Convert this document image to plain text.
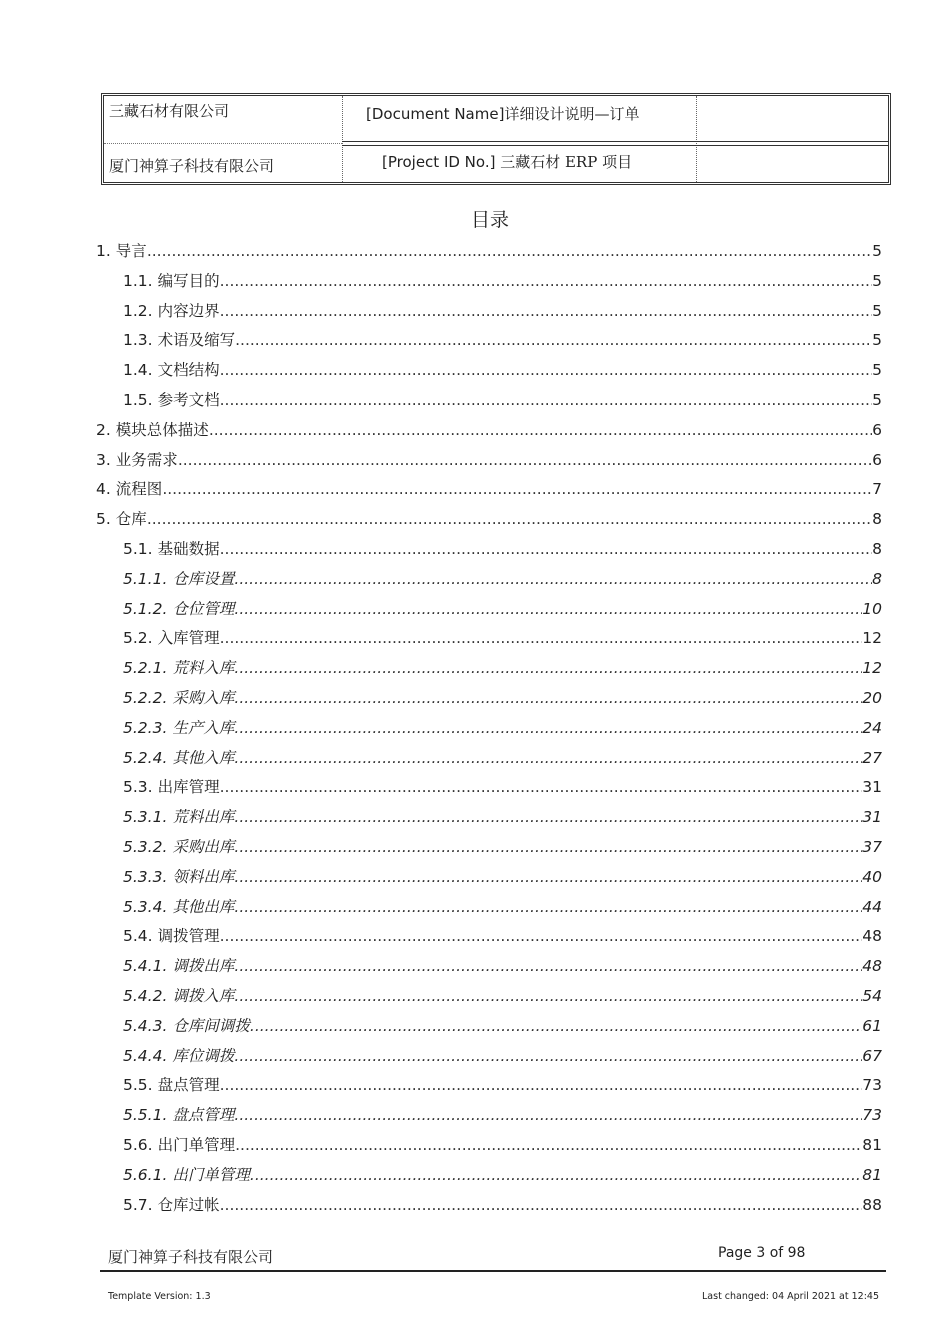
三藏石材有限公司	[Document Name]详细设计说明—订单
厦门神算子科技有限公司	[Project ID No.] 三藏石材 ERP 项目
目录
1. 导言 .....	5
1.1. 编写目的 .....	5
1.2. 内容边界 .....	5
1.3. 术语及缩写 .....	5
1.4. 文档结构 .....	5
1.5. 参考文档 .....	5
2. 模块总体描述 .....	6
3. 业务需求 .....	6
4. 流程图 .....	7
5. 仓库 .....	8
5.1. 基础数据 .....	8
5.1.1. 仓库设置 .....	8
5.1.2. 仓位管理 .....	10
5.2. 入库管理 .....	12
5.2.1. 荒料入库 .....	12
5.2.2. 采购入库 .....	20
5.2.3. 生产入库 .....	24
5.2.4. 其他入库 .....	27
5.3. 出库管理 .....	31
5.3.1. 荒料出库 .....	31
5.3.2. 采购出库 .....	37
5.3.3. 领料出库 .....	40
5.3.4. 其他出库 .....	44
5.4. 调拨管理 .....	48
5.4.1. 调拨出库 .....	48
5.4.2. 调拨入库 .....	54
5.4.3. 仓库间调拨 .....	61
5.4.4. 库位调拨 .....	67
5.5. 盘点管理 .....	73
5.5.1. 盘点管理 .....	73
5.6. 出门单管理 .....	81
5.6.1. 出门单管理 .....	81
5.7. 仓库过帐 .....	88
厦门神算子科技有限公司	Page 3 of 98
Template Version: 1.3	Last changed: 04 April 2021 at 12:45
